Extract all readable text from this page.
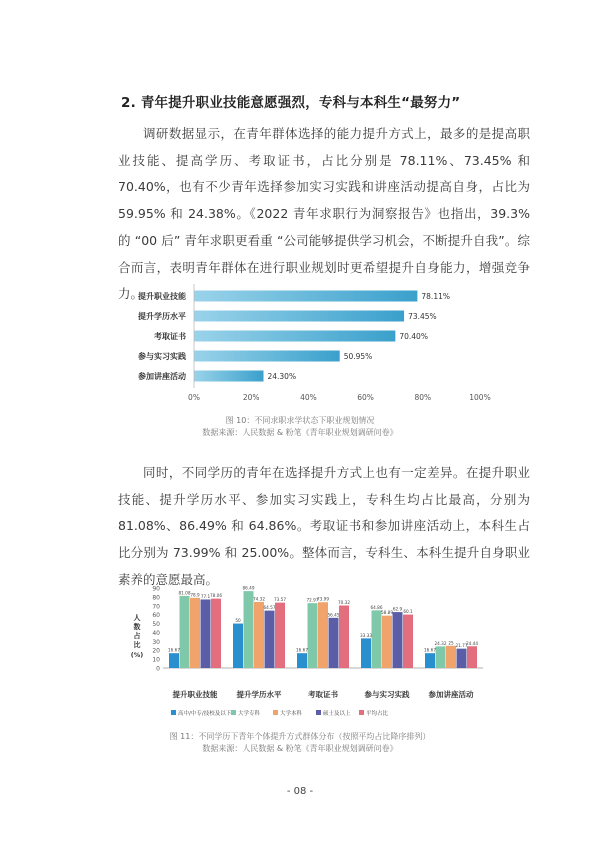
2. 青年提升职业技能意愿强烈，专科与本科生“最努力”
调研数据显示，在青年群体选择的能力提升方式上，最多的是提高职业技能、提高学历、考取证书，占比分别是 78.11%、73.45% 和 70.40%，也有不少青年选择参加实习实践和讲座活动提高自身，占比为 59.95% 和 24.38%。《2022 青年求职行为洞察报告》也指出，39.3% 的 “00 后” 青年求职更看重 “公司能够提供学习机会，不断提升自我”。综合而言，表明青年群体在进行职业规划时更希望提升自身能力，增强竞争力。
提升职业技能	78.11%
提升学历水平	73.45%
考取证书	70.40%
参与实习实践	50.95%
参加讲座活动	24.30%
0%	20%	40%	60%	80%	100%
图 10：不同求职求学状态下职业规划情况
数据来源：人民数据 & 粉笔《青年职业规划调研问卷》
同时，不同学历的青年在选择提升方式上也有一定差异。在提升职业技能、提升学历水平、参加实习实践上，专科生均占比最高，分别为 81.08%、86.49% 和 64.86%。考取证书和参加讲座活动上，本科生占比分别为 73.99% 和 25.00%。整体而言，专科生、本科生提升自身职业素养的意愿最高。
0
10
20
30
40
50
60
70
80
90
人
数
占
比
(%)
16.67
81.08 78.9 77.1 78.06
提升职业技能
50
86.49
74.32
64.57
73.57
提升学历水平
16.67
72.97
73.99
56.45
70.32
考取证书
33.33
64.86
58.89
62.9 60.1
参与实习实践
16.67
24.32 25
21.77
24.44
参加讲座活动
高中/中专/技校及以下 大学专科	大学本科	硕士及以上	平均占比
图 11：不同学历下青年个体提升方式群体分布（按照平均占比降序排列）
数据来源：人民数据 & 粉笔《青年职业规划调研问卷》
- 08 -
